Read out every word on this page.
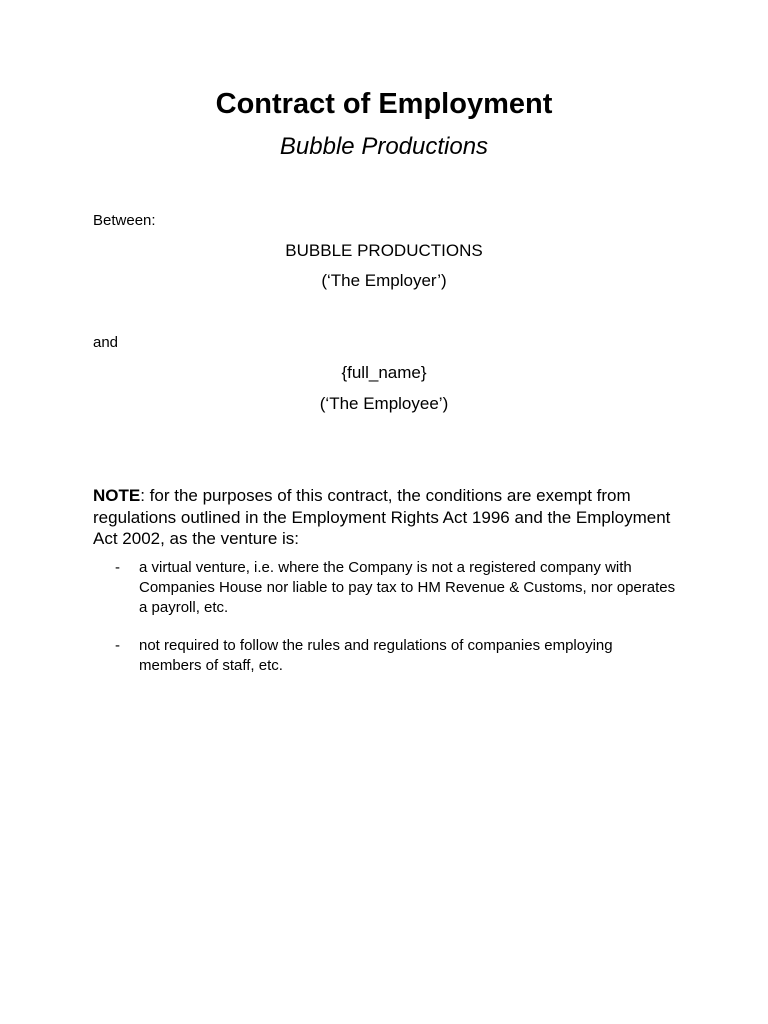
Contract of Employment
Bubble Productions
Between:
BUBBLE PRODUCTIONS
(‘The Employer’)
and
{full_name}
(‘The Employee’)
NOTE: for the purposes of this contract, the conditions are exempt from regulations outlined in the Employment Rights Act 1996 and the Employment Act 2002, as the venture is:
-	a virtual venture, i.e. where the Company is not a registered company with Companies House nor liable to pay tax to HM Revenue & Customs, nor operates a payroll, etc.
-	not required to follow the rules and regulations of companies employing members of staff, etc.
